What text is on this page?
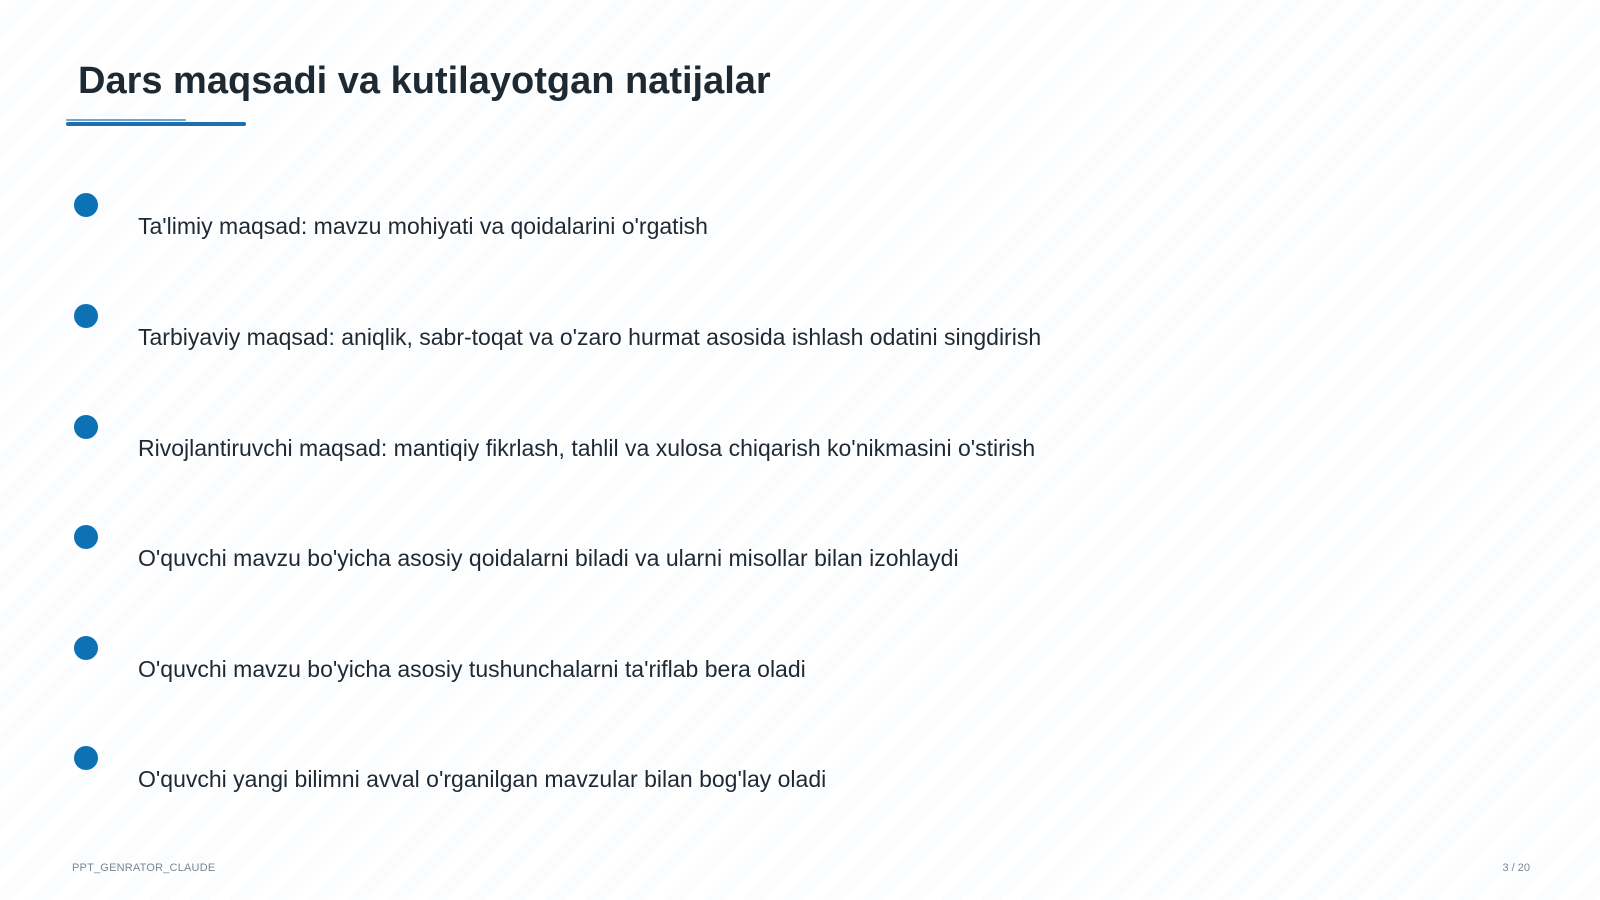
Dars maqsadi va kutilayotgan natijalar
Ta'limiy maqsad: mavzu mohiyati va qoidalarini o'rgatish
Tarbiyaviy maqsad: aniqlik, sabr-toqat va o'zaro hurmat asosida ishlash odatini singdirish
Rivojlantiruvchi maqsad: mantiqiy fikrlash, tahlil va xulosa chiqarish ko'nikmasini o'stirish
O'quvchi mavzu bo'yicha asosiy qoidalarni biladi va ularni misollar bilan izohlaydi
O'quvchi mavzu bo'yicha asosiy tushunchalarni ta'riflab bera oladi
O'quvchi yangi bilimni avval o'rganilgan mavzular bilan bog'lay oladi
PPT_GENRATOR_CLAUDE	3 / 20
